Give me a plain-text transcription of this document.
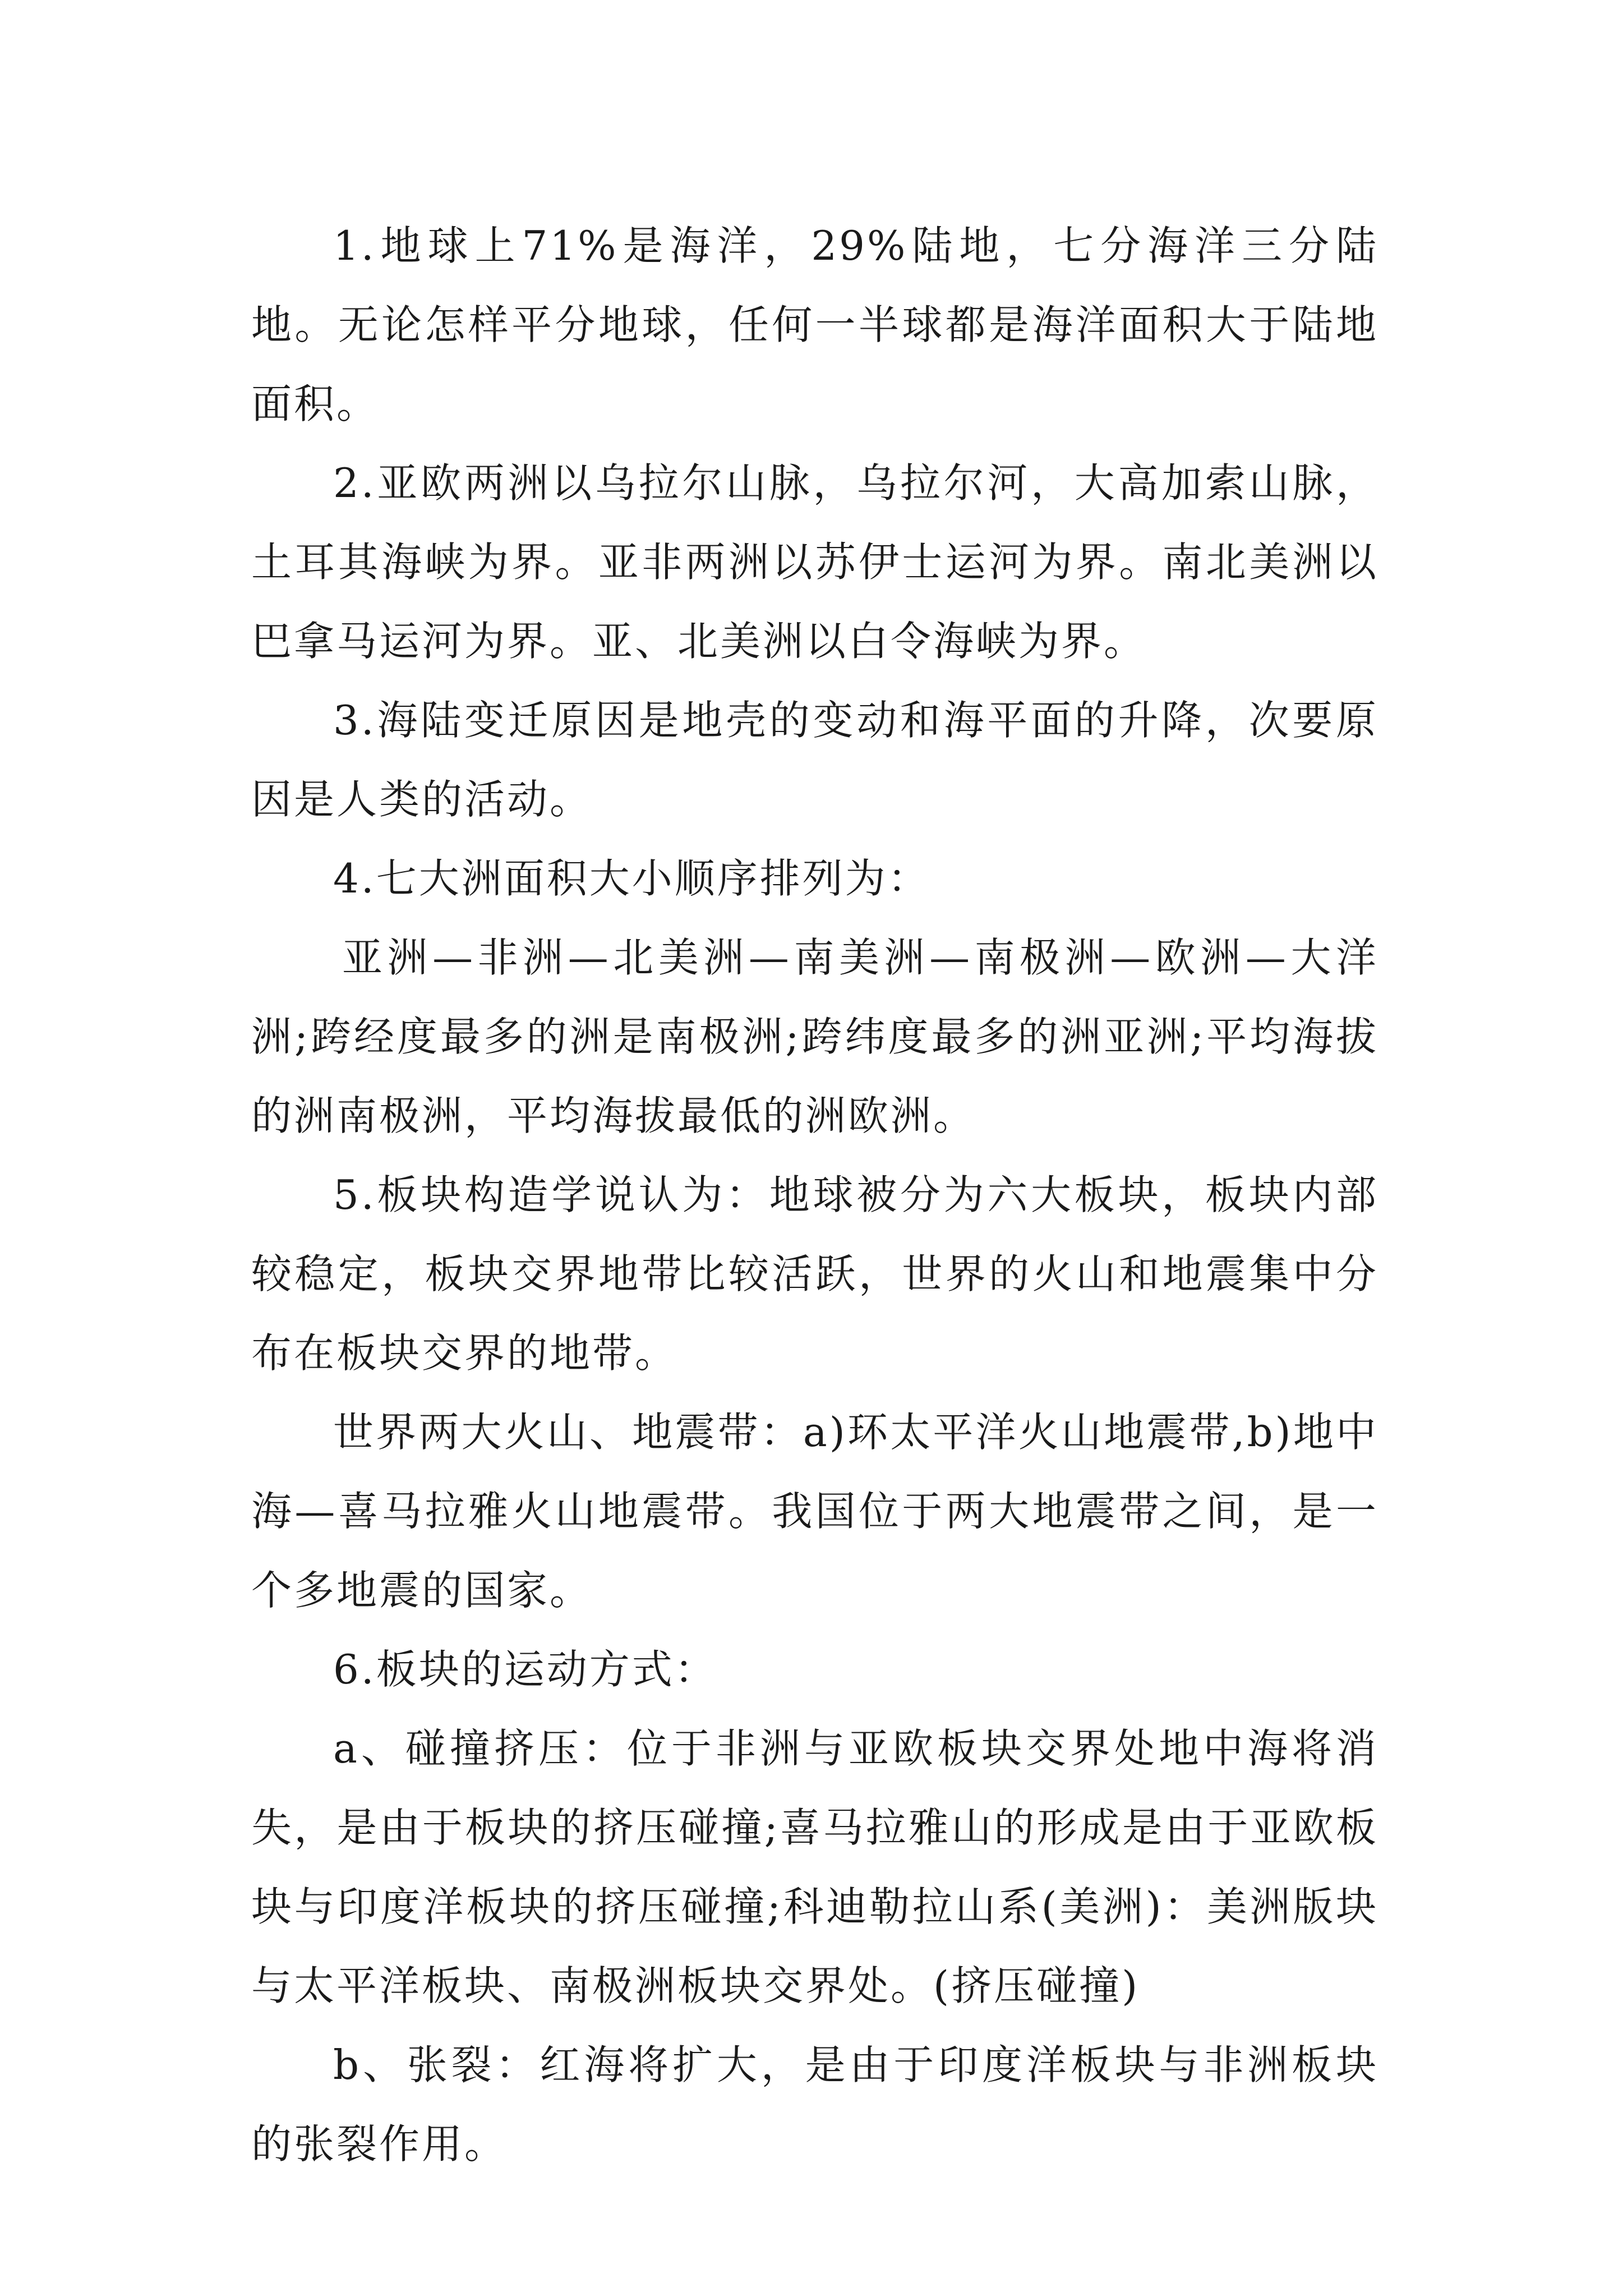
1.地球上71%是海洋，29%陆地，七分海洋三分陆地。无论怎样平分地球，任何一半球都是海洋面积大于陆地面积。

2.亚欧两洲以乌拉尔山脉，乌拉尔河，大高加索山脉，土耳其海峡为界。亚非两洲以苏伊士运河为界。南北美洲以巴拿马运河为界。亚、北美洲以白令海峡为界。

3.海陆变迁原因是地壳的变动和海平面的升降，次要原因是人类的活动。

4.七大洲面积大小顺序排列为：

亚洲—非洲—北美洲—南美洲—南极洲—欧洲—大洋洲;跨经度最多的洲是南极洲;跨纬度最多的洲亚洲;平均海拔的洲南极洲，平均海拔最低的洲欧洲。

5.板块构造学说认为：地球被分为六大板块，板块内部较稳定，板块交界地带比较活跃，世界的火山和地震集中分布在板块交界的地带。

世界两大火山、地震带：a)环太平洋火山地震带,b)地中海—喜马拉雅火山地震带。我国位于两大地震带之间，是一个多地震的国家。

6.板块的运动方式：

a、碰撞挤压：位于非洲与亚欧板块交界处地中海将消失，是由于板块的挤压碰撞;喜马拉雅山的形成是由于亚欧板块与印度洋板块的挤压碰撞;科迪勒拉山系(美洲)：美洲版块与太平洋板块、南极洲板块交界处。(挤压碰撞)

b、张裂：红海将扩大，是由于印度洋板块与非洲板块的张裂作用。
